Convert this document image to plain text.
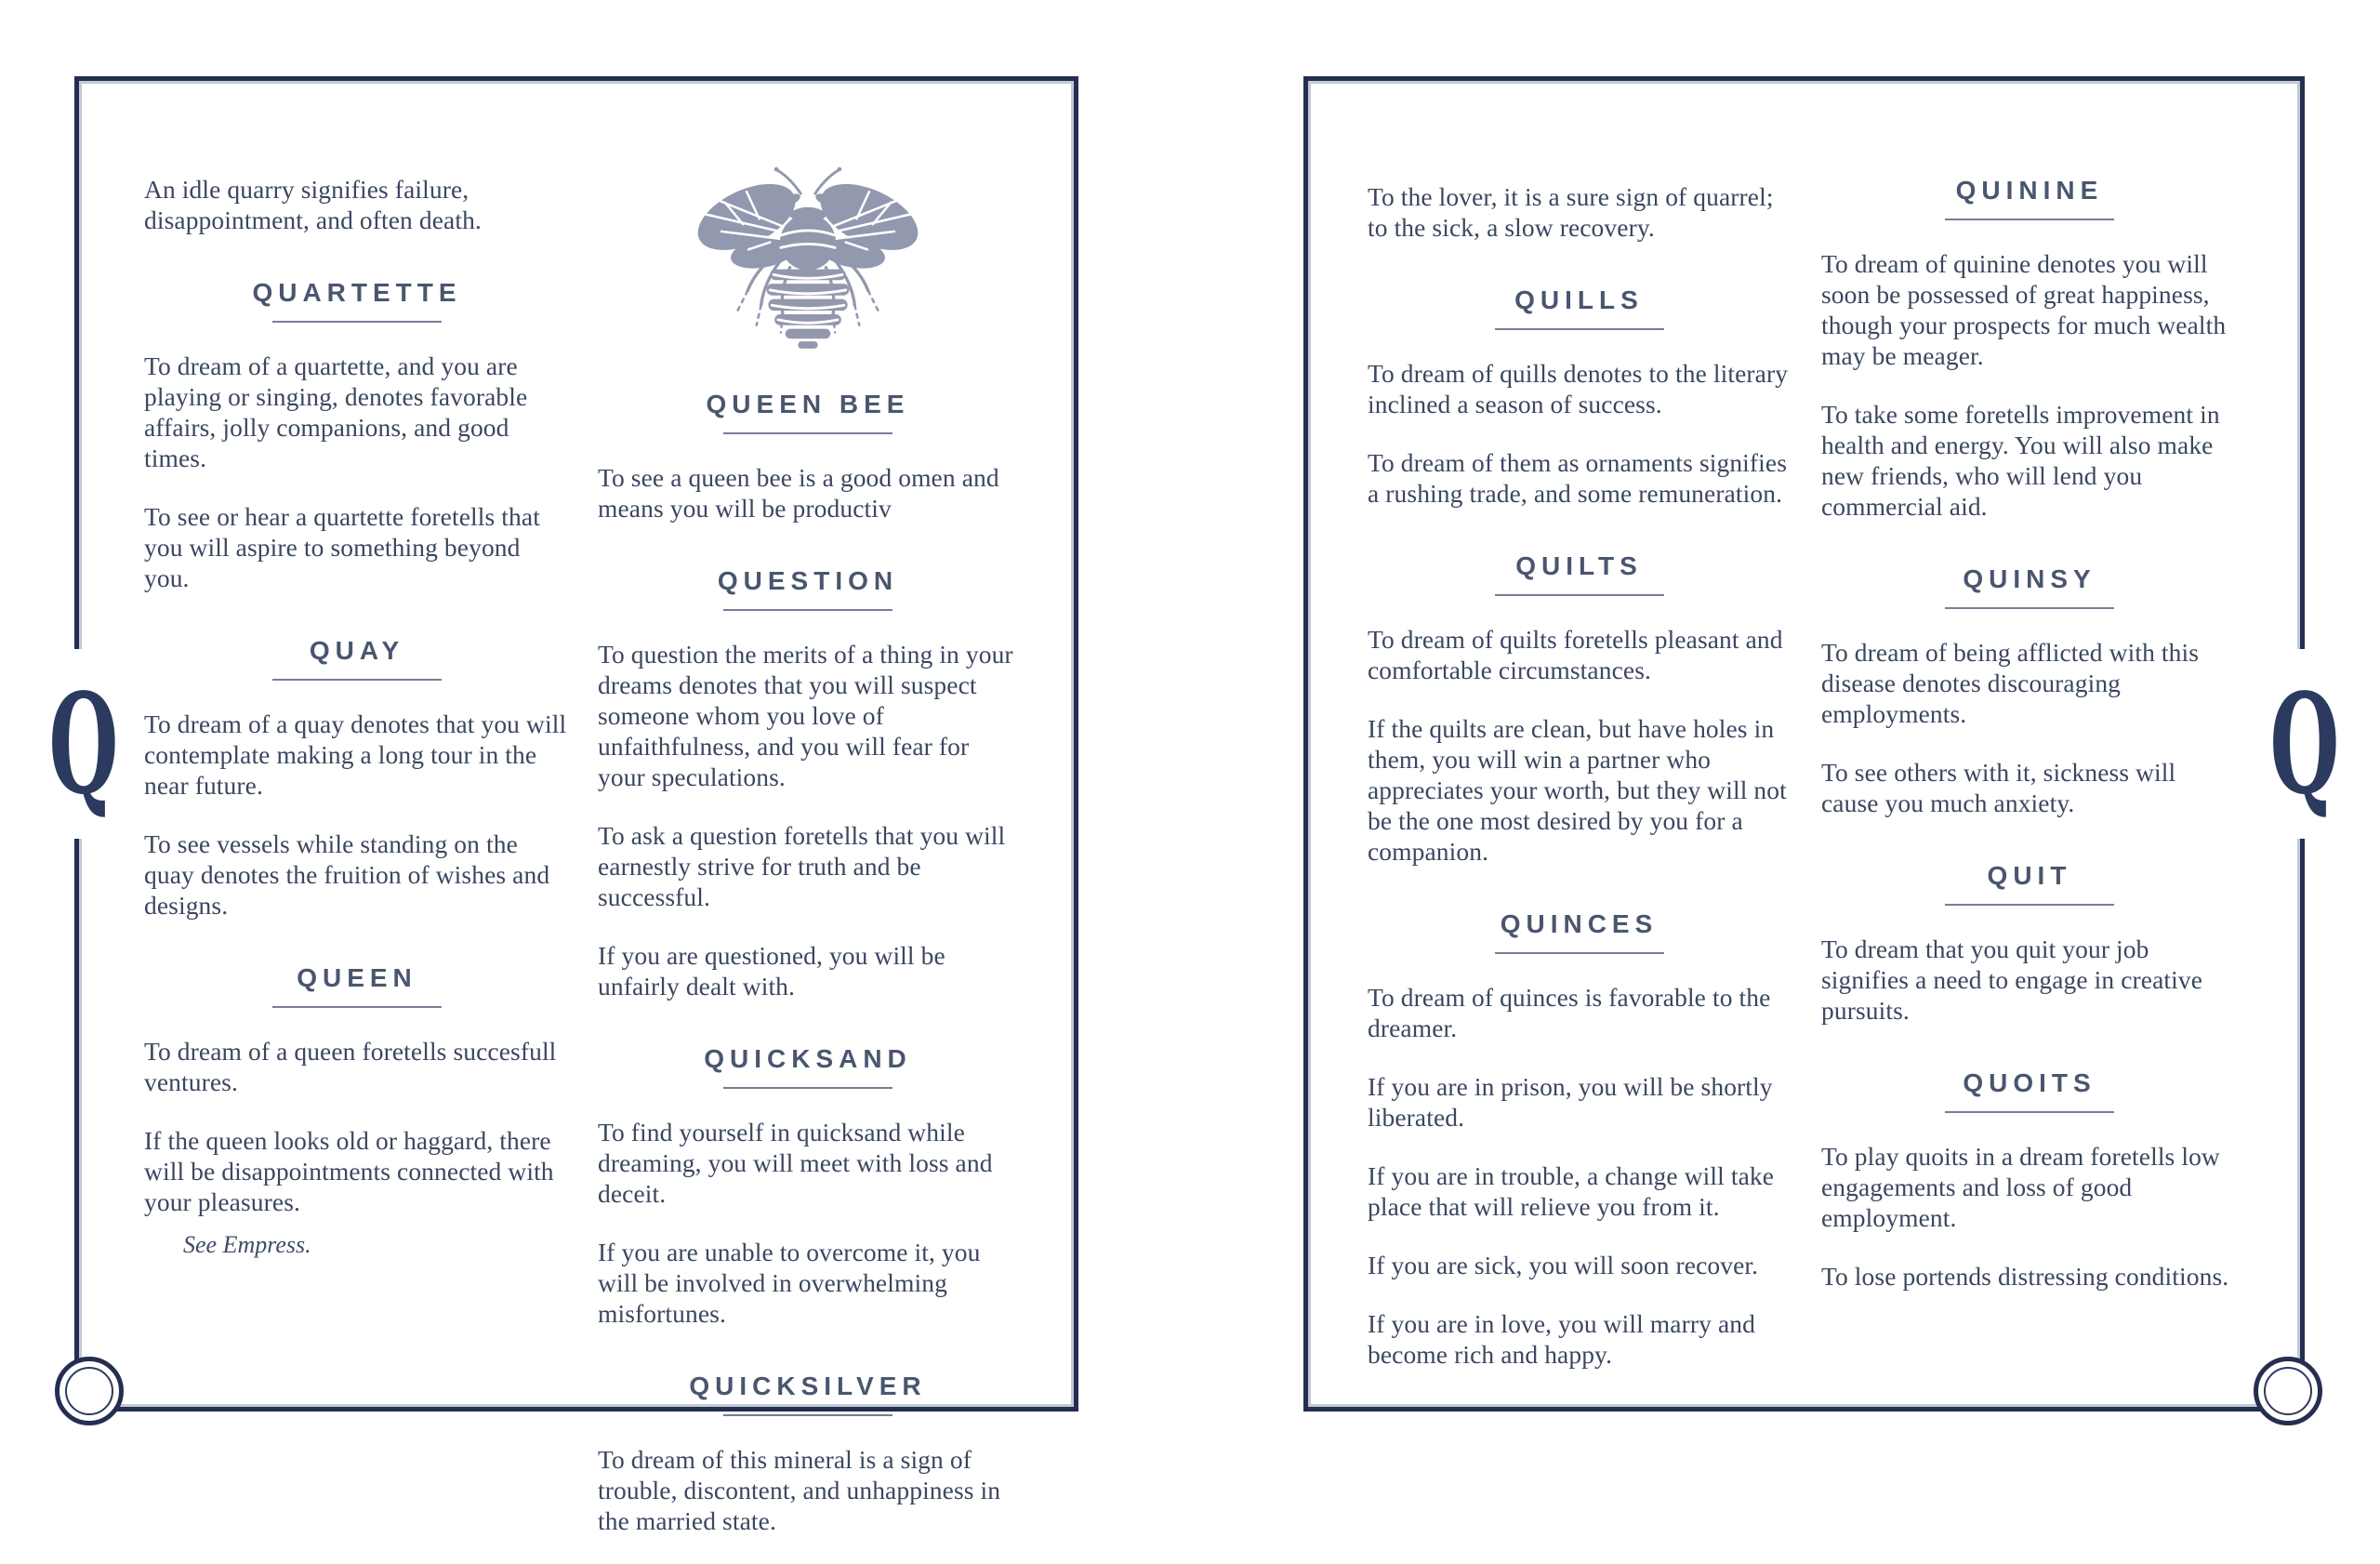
An idle quarry signifies failure, disappointment, and often death.

QUARTETTE

To dream of a quartette, and you are playing or singing, denotes favorable affairs, jolly companions, and good times.

To see or hear a quartette foretells that you will aspire to something beyond you.

QUAY

To dream of a quay denotes that you will contemplate making a long tour in the near future.

To see vessels while standing on the quay denotes the fruition of wishes and designs.

QUEEN

To dream of a queen foretells succesfull ventures.

If the queen looks old or haggard, there will be disappointments connected with your pleasures.

See Empress.

QUEEN BEE

To see a queen bee is a good omen and means you will be productiv

QUESTION

To question the merits of a thing in your dreams denotes that you will suspect someone whom you love of unfaithfulness, and you will fear for your speculations.

To ask a question foretells that you will earnestly strive for truth and be successful.

If you are questioned, you will be unfairly dealt with.

QUICKSAND

To find yourself in quicksand while dreaming, you will meet with loss and deceit.

If you are unable to overcome it, you will be involved in overwhelming misfortunes.

QUICKSILVER

To dream of this mineral is a sign of trouble, discontent, and unhappiness in the married state.

Q

To the lover, it is a sure sign of quarrel; to the sick, a slow recovery.

QUILLS

To dream of quills denotes to the literary inclined a season of success.

To dream of them as ornaments signifies a rushing trade, and some remuneration.

QUILTS

To dream of quilts foretells pleasant and comfortable circumstances.

If the quilts are clean, but have holes in them, you will win a partner who appreciates your worth, but they will not be the one most desired by you for a companion.

QUINCES

To dream of quinces is favorable to the dreamer.

If you are in prison, you will be shortly liberated.

If you are in trouble, a change will take place that will relieve you from it.

If you are sick, you will soon recover.

If you are in love, you will marry and become rich and happy.

QUININE

To dream of quinine denotes you will soon be possessed of great happiness, though your prospects for much wealth may be meager.

To take some foretells improvement in health and energy. You will also make new friends, who will lend you commercial aid.

QUINSY

To dream of being afflicted with this disease denotes discouraging employments.

To see others with it, sickness will cause you much anxiety.

QUIT

To dream that you quit your job signifies a need to engage in creative pursuits.

QUOITS

To play quoits in a dream foretells low engagements and loss of good employment.

To lose portends distressing conditions.

Q
